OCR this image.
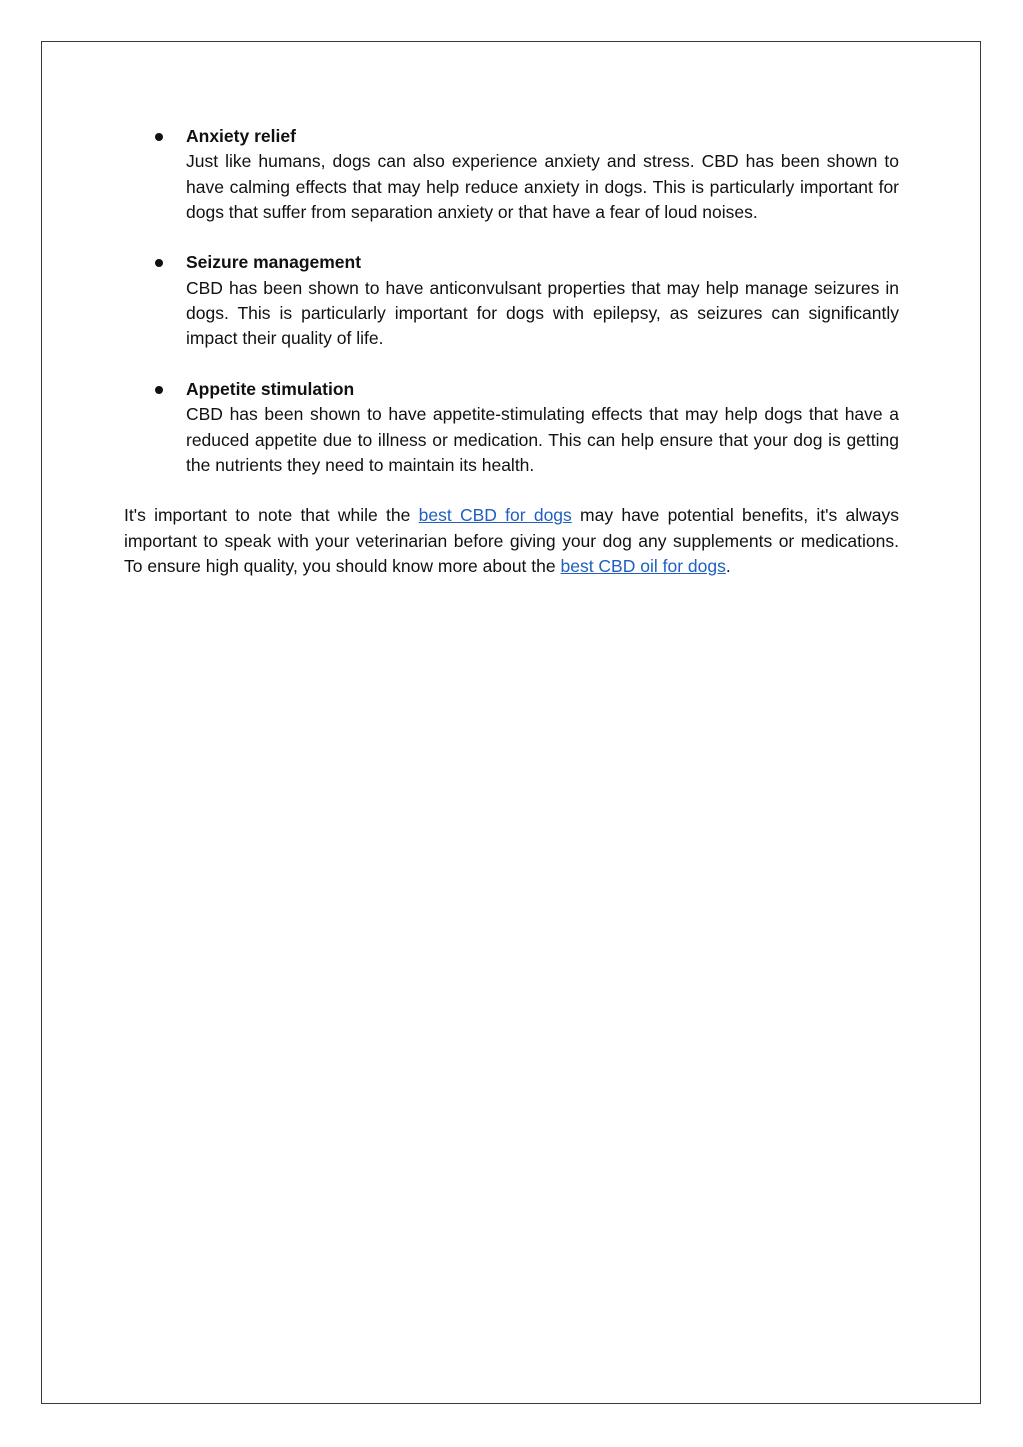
Anxiety relief
Just like humans, dogs can also experience anxiety and stress. CBD has been shown to have calming effects that may help reduce anxiety in dogs. This is particularly important for dogs that suffer from separation anxiety or that have a fear of loud noises.
Seizure management
CBD has been shown to have anticonvulsant properties that may help manage seizures in dogs. This is particularly important for dogs with epilepsy, as seizures can significantly impact their quality of life.
Appetite stimulation
CBD has been shown to have appetite-stimulating effects that may help dogs that have a reduced appetite due to illness or medication. This can help ensure that your dog is getting the nutrients they need to maintain its health.

It's important to note that while the best CBD for dogs may have potential benefits, it's always important to speak with your veterinarian before giving your dog any supplements or medications. To ensure high quality, you should know more about the best CBD oil for dogs.
